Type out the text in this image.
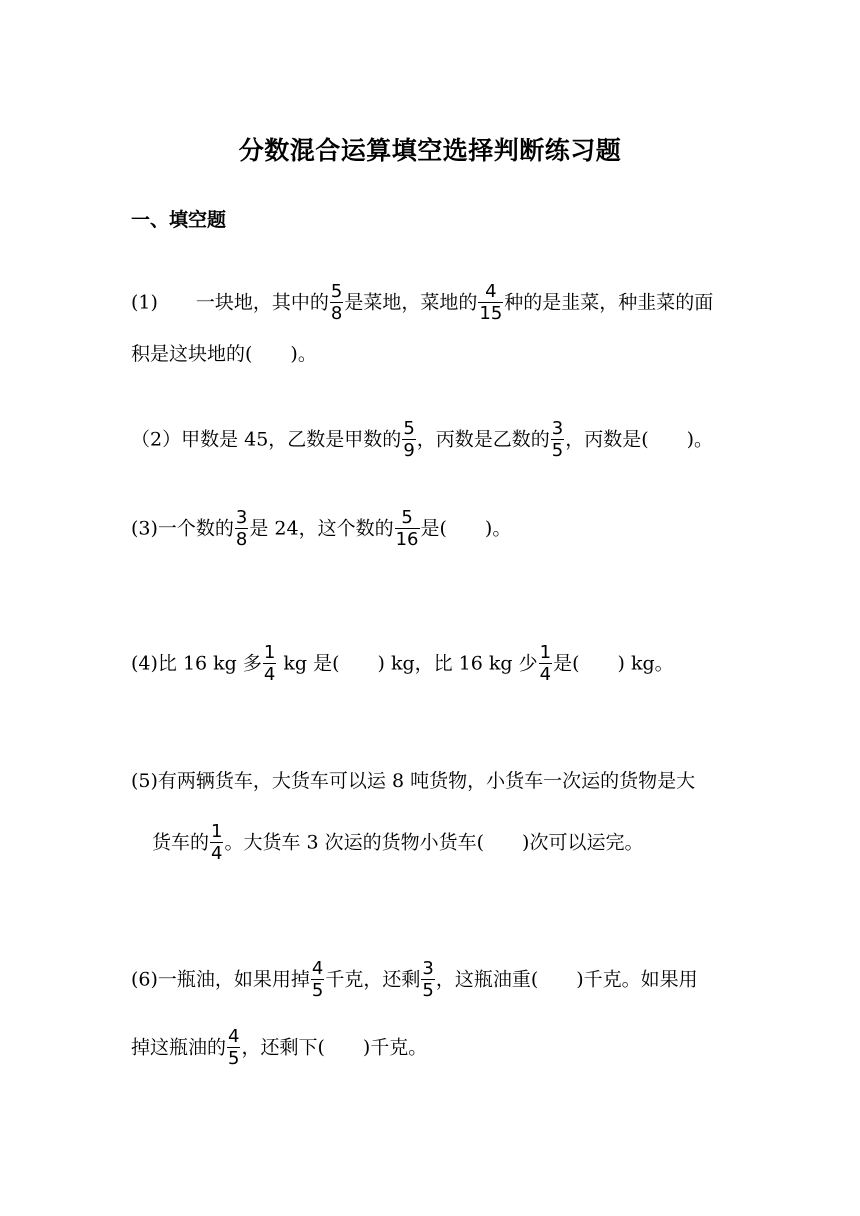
分数混合运算填空选择判断练习题
一、填空题
(1)　　一块地，其中的 $\frac{5}{8}$ 是菜地，菜地的 $\frac{4}{15}$ 种的是韭菜，种韭菜的面
积是这块地的(　　)。
（2）甲数是 45，乙数是甲数的 $\frac{5}{9}$ ，丙数是乙数的 $\frac{3}{5}$ ，丙数是(　　)。
(3)一个数的 $\frac{3}{8}$ 是 24，这个数的 $\frac{5}{16}$ 是(　　)。
(4)比 16 kg 多 $\frac{1}{4}$ kg 是(　　) kg，比 16 kg 少 $\frac{1}{4}$ 是(　　) kg。
(5)有两辆货车，大货车可以运 8 吨货物，小货车一次运的货物是大
货车的 $\frac{1}{4}$ 。大货车 3 次运的货物小货车(　　)次可以运完。
(6)一瓶油，如果用掉 $\frac{4}{5}$ 千克，还剩 $\frac{3}{5}$ ，这瓶油重(　　)千克。如果用
掉这瓶油的 $\frac{4}{5}$ ，还剩下(　　)千克。
